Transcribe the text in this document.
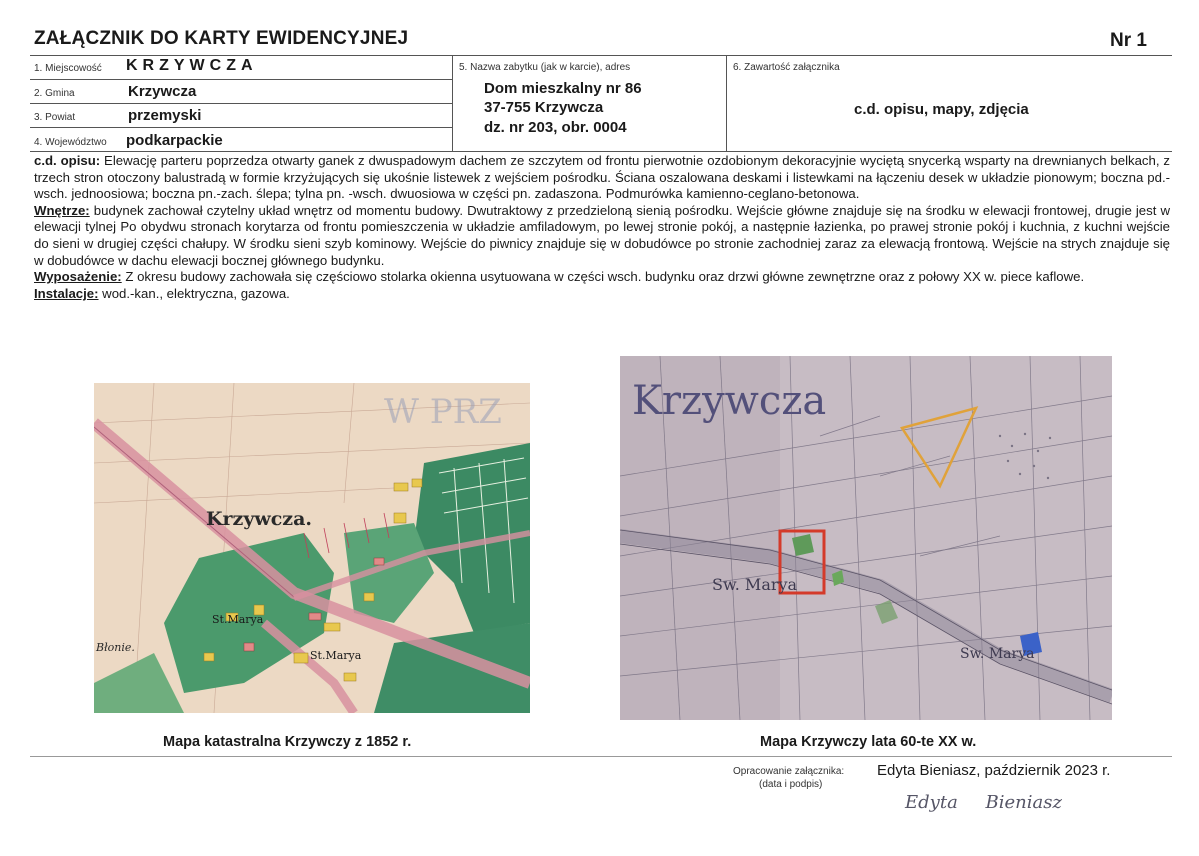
ZAŁĄCZNIK DO KARTY EWIDENCYJNEJ	Nr 1
1. Miejscowość KRZYWCZA
2. Gmina	Krzywcza
3. Powiat	przemyski
4. Województwo podkarpackie
5. Nazwa zabytku (jak w karcie), adres
Dom mieszkalny nr 86
37-755 Krzywcza
dz. nr 203, obr. 0004
6. Zawartość załącznika
c.d. opisu, mapy, zdjęcia

c.d. opisu: Elewację parteru poprzedza otwarty ganek z dwuspadowym dachem ze szczytem od frontu pierwotnie ozdobionym dekoracyjnie wyciętą snycerką wsparty na drewnianych belkach, z trzech stron otoczony balustradą w formie krzyżujących się ukośnie listewek z wejściem pośrodku. Ściana oszalowana deskami i listewkami na łączeniu desek w układzie pionowym; boczna pd.-wsch. jednoosiowa; boczna pn.-zach. ślepa; tylna pn. -wsch. dwuosiowa w części pn. zadaszona. Podmurówka kamienno-ceglano-betonowa.

Wnętrze: budynek zachował czytelny układ wnętrz od momentu budowy. Dwutraktowy z przedzieloną sienią pośrodku. Wejście główne znajduje się na środku w elewacji frontowej, drugie jest w elewacji tylnej Po obydwu stronach korytarza od frontu pomieszczenia w układzie amfiladowym, po lewej stronie pokój, a następnie łazienka, po prawej stronie pokój i kuchnia, z kuchni wejście do sieni w drugiej części chałupy. W środku sieni szyb kominowy. Wejście do piwnicy znajduje się w dobudówce po stronie zachodniej zaraz za elewacją frontową. Wejście na strych znajduje się w dobudówce w dachu elewacji bocznej głównego budynku.

Wyposażenie: Z okresu budowy zachowała się częściowo stolarka okienna usytuowana w części wsch. budynku oraz drzwi główne zewnętrzne oraz z połowy XX w. piece kaflowe.

Instalacje: wod.-kan., elektryczna, gazowa.

W PRZ
Krzywcza.
St.Marya
St.Marya
Błonie.
Mapa katastralna Krzywczy z 1852 r.
Krzywcza
Sw. Marya
Sw. Marya
Mapa Krzywczy lata 60-te XX w.
Opracowanie załącznika:
(data i podpis)
Edyta Bieniasz, październik 2023 r.
Edyta Bieniasz
